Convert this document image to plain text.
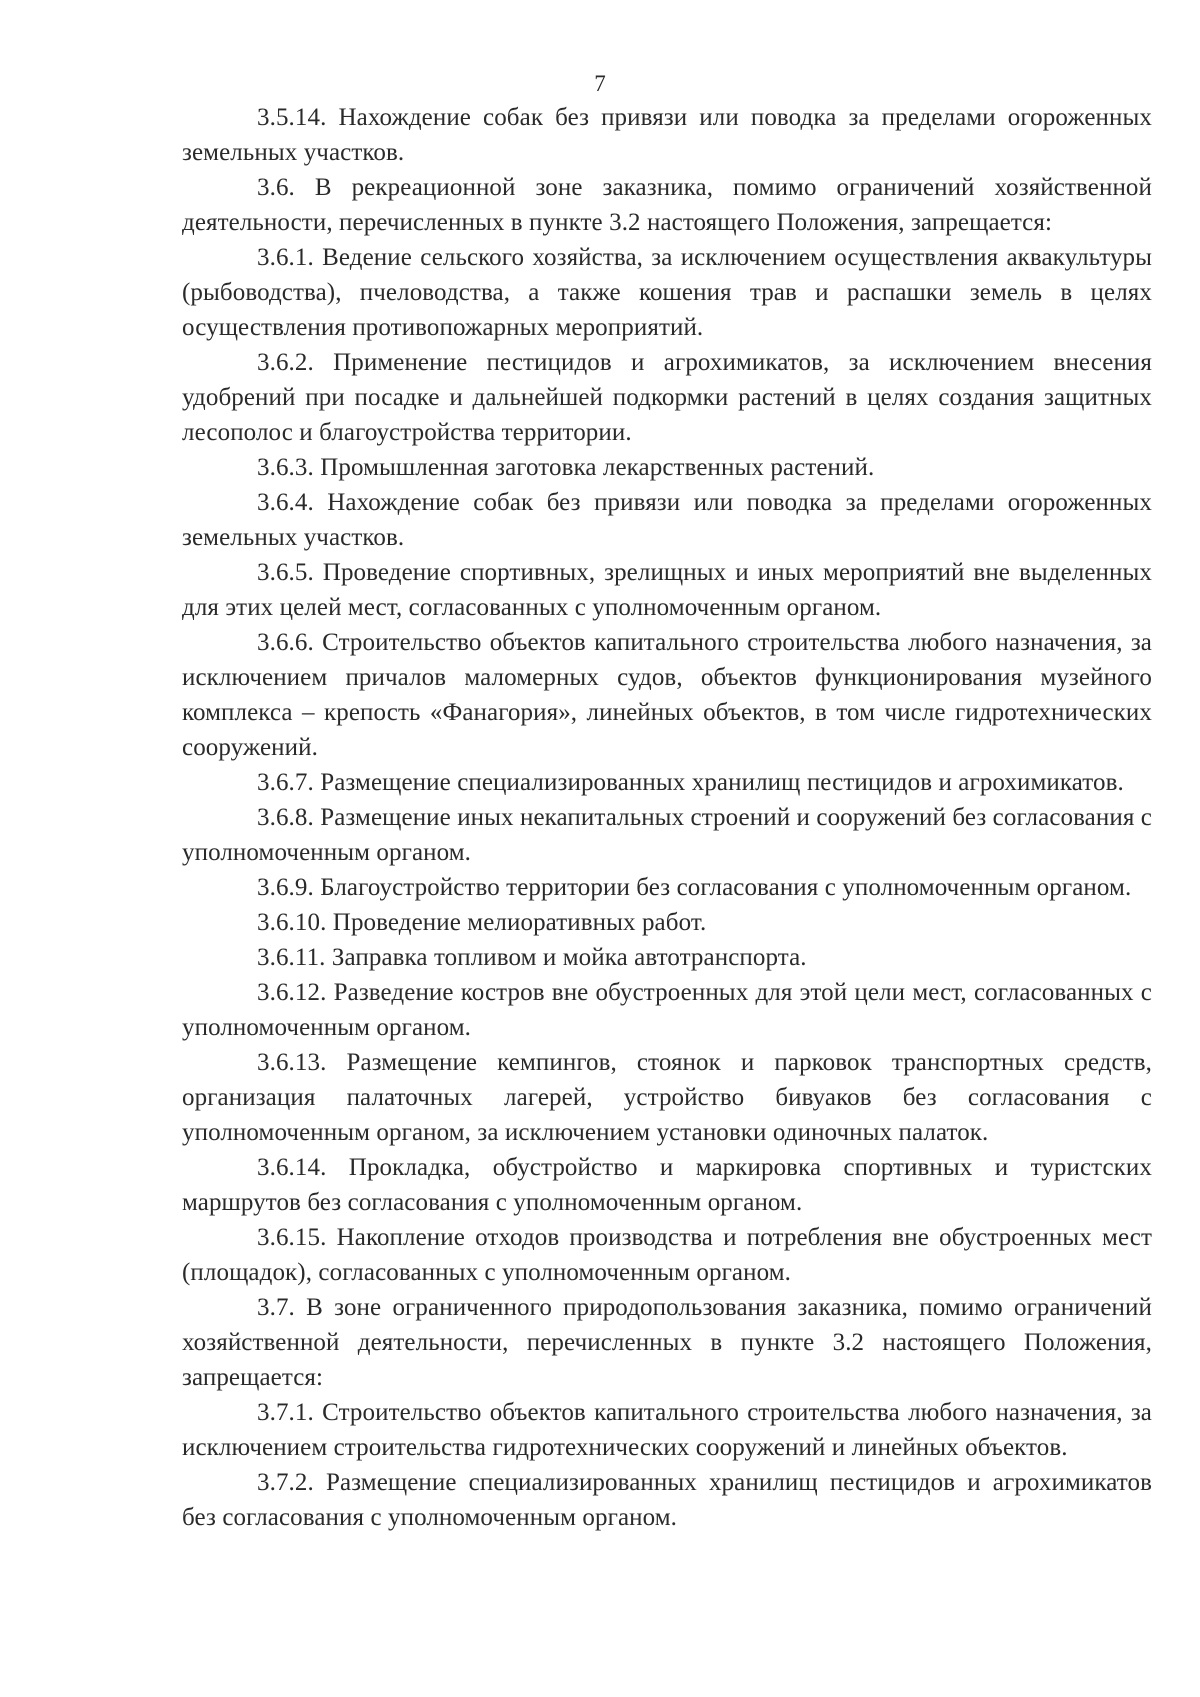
7

3.5.14. Нахождение собак без привязи или поводка за пределами огороженных земельных участков.

3.6. В рекреационной зоне заказника, помимо ограничений хозяйственной деятельности, перечисленных в пункте 3.2 настоящего Положения, запрещается:

3.6.1. Ведение сельского хозяйства, за исключением осуществления аквакультуры (рыбоводства), пчеловодства, а также кошения трав и распашки земель в целях осуществления противопожарных мероприятий.

3.6.2. Применение пестицидов и агрохимикатов, за исключением внесения удобрений при посадке и дальнейшей подкормки растений в целях создания защитных лесополос и благоустройства территории.

3.6.3. Промышленная заготовка лекарственных растений.

3.6.4. Нахождение собак без привязи или поводка за пределами огороженных земельных участков.

3.6.5. Проведение спортивных, зрелищных и иных мероприятий вне выделенных для этих целей мест, согласованных с уполномоченным органом.

3.6.6. Строительство объектов капитального строительства любого назначения, за исключением причалов маломерных судов, объектов функционирования музейного комплекса – крепость «Фанагория», линейных объектов, в том числе гидротехнических сооружений.

3.6.7. Размещение специализированных хранилищ пестицидов и агрохимикатов.

3.6.8. Размещение иных некапитальных строений и сооружений без согласования с уполномоченным органом.

3.6.9. Благоустройство территории без согласования с уполномоченным органом.

3.6.10. Проведение мелиоративных работ.

3.6.11. Заправка топливом и мойка автотранспорта.

3.6.12. Разведение костров вне обустроенных для этой цели мест, согласованных с уполномоченным органом.

3.6.13. Размещение кемпингов, стоянок и парковок транспортных средств, организация палаточных лагерей, устройство бивуаков без согласования с уполномоченным органом, за исключением установки одиночных палаток.

3.6.14. Прокладка, обустройство и маркировка спортивных и туристских маршрутов без согласования с уполномоченным органом.

3.6.15. Накопление отходов производства и потребления вне обустроенных мест (площадок), согласованных с уполномоченным органом.

3.7. В зоне ограниченного природопользования заказника, помимо ограничений хозяйственной деятельности, перечисленных в пункте 3.2 настоящего Положения, запрещается:

3.7.1. Строительство объектов капитального строительства любого назначения, за исключением строительства гидротехнических сооружений и линейных объектов.

3.7.2. Размещение специализированных хранилищ пестицидов и агрохимикатов без согласования с уполномоченным органом.
